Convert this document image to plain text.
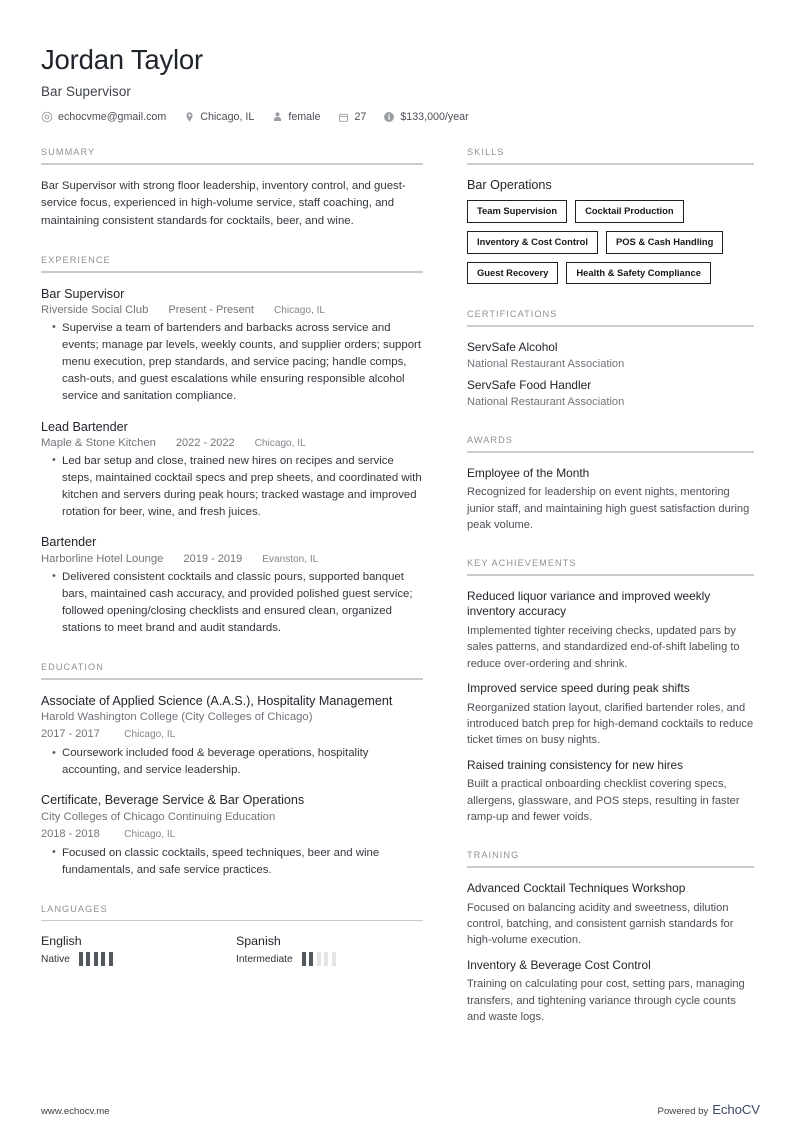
Jordan Taylor
Bar Supervisor
echocvme@gmail.com	Chicago, IL	female	27	$133,000/year
SUMMARY
Bar Supervisor with strong floor leadership, inventory control, and guest-service focus, experienced in high-volume service, staff coaching, and maintaining consistent standards for cocktails, beer, and wine.
EXPERIENCE
Bar Supervisor
Riverside Social Club Present - Present Chicago, IL
• Supervise a team of bartenders and barbacks across service and events; manage par levels, weekly counts, and supplier orders; support menu execution, prep standards, and service pacing; handle comps, cash-outs, and guest escalations while ensuring responsible alcohol service and sanitation compliance.
Lead Bartender
Maple & Stone Kitchen 2022 - 2022 Chicago, IL
• Led bar setup and close, trained new hires on recipes and service steps, maintained cocktail specs and prep sheets, and coordinated with kitchen and servers during peak hours; tracked wastage and improved rotation for beer, wine, and fresh juices.
Bartender
Harborline Hotel Lounge 2019 - 2019 Evanston, IL
• Delivered consistent cocktails and classic pours, supported banquet bars, maintained cash accuracy, and provided polished guest service; followed opening/closing checklists and ensured clean, organized stations to meet brand and audit standards.
EDUCATION
Associate of Applied Science (A.A.S.), Hospitality Management
Harold Washington College (City Colleges of Chicago)
2017 - 2017 Chicago, IL
• Coursework included food & beverage operations, hospitality accounting, and service leadership.
Certificate, Beverage Service & Bar Operations
City Colleges of Chicago Continuing Education
2018 - 2018 Chicago, IL
• Focused on classic cocktails, speed techniques, beer and wine fundamentals, and safe service practices.
LANGUAGES
English
Native
Spanish
Intermediate
SKILLS
Bar Operations
Team Supervision	Cocktail Production
Inventory & Cost Control	POS & Cash Handling
Guest Recovery	Health & Safety Compliance
CERTIFICATIONS
ServSafe Alcohol
National Restaurant Association
ServSafe Food Handler
National Restaurant Association
AWARDS
Employee of the Month
Recognized for leadership on event nights, mentoring junior staff, and maintaining high guest satisfaction during peak volume.
KEY ACHIEVEMENTS
Reduced liquor variance and improved weekly inventory accuracy
Implemented tighter receiving checks, updated pars by sales patterns, and standardized end-of-shift labeling to reduce over-ordering and shrink.
Improved service speed during peak shifts
Reorganized station layout, clarified bartender roles, and introduced batch prep for high-demand cocktails to reduce ticket times on busy nights.
Raised training consistency for new hires
Built a practical onboarding checklist covering specs, allergens, glassware, and POS steps, resulting in faster ramp-up and fewer voids.
TRAINING
Advanced Cocktail Techniques Workshop
Focused on balancing acidity and sweetness, dilution control, batching, and consistent garnish standards for high-volume execution.
Inventory & Beverage Cost Control
Training on calculating pour cost, setting pars, managing transfers, and tightening variance through cycle counts and waste logs.
www.echocv.me	Powered by EchoCV
